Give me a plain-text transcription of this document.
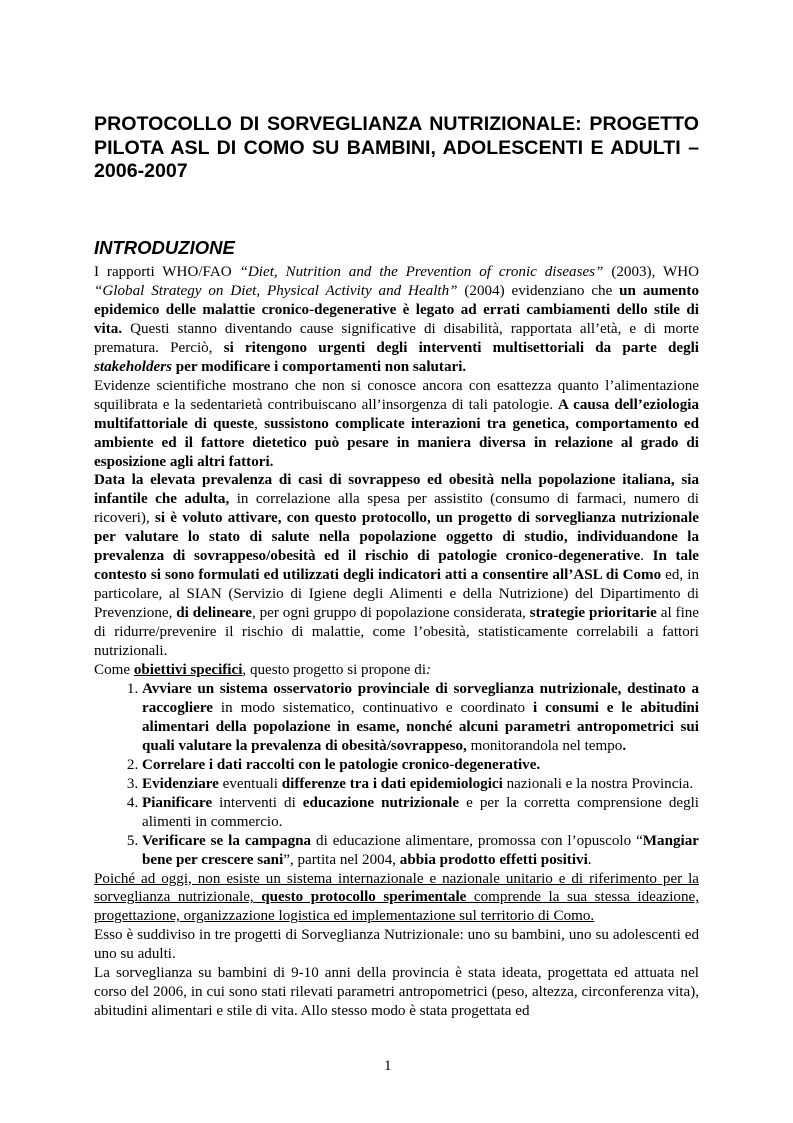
PROTOCOLLO DI SORVEGLIANZA NUTRIZIONALE: PROGETTO PILOTA ASL DI COMO SU BAMBINI, ADOLESCENTI E ADULTI – 2006-2007
INTRODUZIONE

I rapporti WHO/FAO “Diet, Nutrition and the Prevention of cronic diseases” (2003), WHO “Global Strategy on Diet, Physical Activity and Health” (2004) evidenziano che un aumento epidemico delle malattie cronico-degenerative è legato ad errati cambiamenti dello stile di vita. Questi stanno diventando cause significative di disabilità, rapportata all’età, e di morte prematura. Perciò, si ritengono urgenti degli interventi multisettoriali da parte degli stakeholders per modificare i comportamenti non salutari.

Evidenze scientifiche mostrano che non si conosce ancora con esattezza quanto l’alimentazione squilibrata e la sedentarietà contribuiscano all’insorgenza di tali patologie. A causa dell’eziologia multifattoriale di queste, sussistono complicate interazioni tra genetica, comportamento ed ambiente ed il fattore dietetico può pesare in maniera diversa in relazione al grado di esposizione agli altri fattori.

Data la elevata prevalenza di casi di sovrappeso ed obesità nella popolazione italiana, sia infantile che adulta, in correlazione alla spesa per assistito (consumo di farmaci, numero di ricoveri), si è voluto attivare, con questo protocollo, un progetto di sorveglianza nutrizionale per valutare lo stato di salute nella popolazione oggetto di studio, individuandone la prevalenza di sovrappeso/obesità ed il rischio di patologie cronico-degenerative. In tale contesto si sono formulati ed utilizzati degli indicatori atti a consentire all’ASL di Como ed, in particolare, al SIAN (Servizio di Igiene degli Alimenti e della Nutrizione) del Dipartimento di Prevenzione, di delineare, per ogni gruppo di popolazione considerata, strategie prioritarie al fine di ridurre/prevenire il rischio di malattie, come l’obesità, statisticamente correlabili a fattori nutrizionali.

Come obiettivi specifici, questo progetto si propone di:

1. Avviare un sistema osservatorio provinciale di sorveglianza nutrizionale, destinato a raccogliere in modo sistematico, continuativo e coordinato i consumi e le abitudini alimentari della popolazione in esame, nonché alcuni parametri antropometrici sui quali valutare la prevalenza di obesità/sovrappeso, monitorandola nel tempo.
2. Correlare i dati raccolti con le patologie cronico-degenerative.
3. Evidenziare eventuali differenze tra i dati epidemiologici nazionali e la nostra Provincia.
4. Pianificare interventi di educazione nutrizionale e per la corretta comprensione degli alimenti in commercio.
5. Verificare se la campagna di educazione alimentare, promossa con l’opuscolo “Mangiar bene per crescere sani”, partita nel 2004, abbia prodotto effetti positivi.

Poiché ad oggi, non esiste un sistema internazionale e nazionale unitario e di riferimento per la sorveglianza nutrizionale, questo protocollo sperimentale comprende la sua stessa ideazione, progettazione, organizzazione logistica ed implementazione sul territorio di Como.

Esso è suddiviso in tre progetti di Sorveglianza Nutrizionale: uno su bambini, uno su adolescenti ed uno su adulti.

La sorveglianza su bambini di 9-10 anni della provincia è stata ideata, progettata ed attuata nel corso del 2006, in cui sono stati rilevati parametri antropometrici (peso, altezza, circonferenza vita), abitudini alimentari e stile di vita. Allo stesso modo è stata progettata ed

1
